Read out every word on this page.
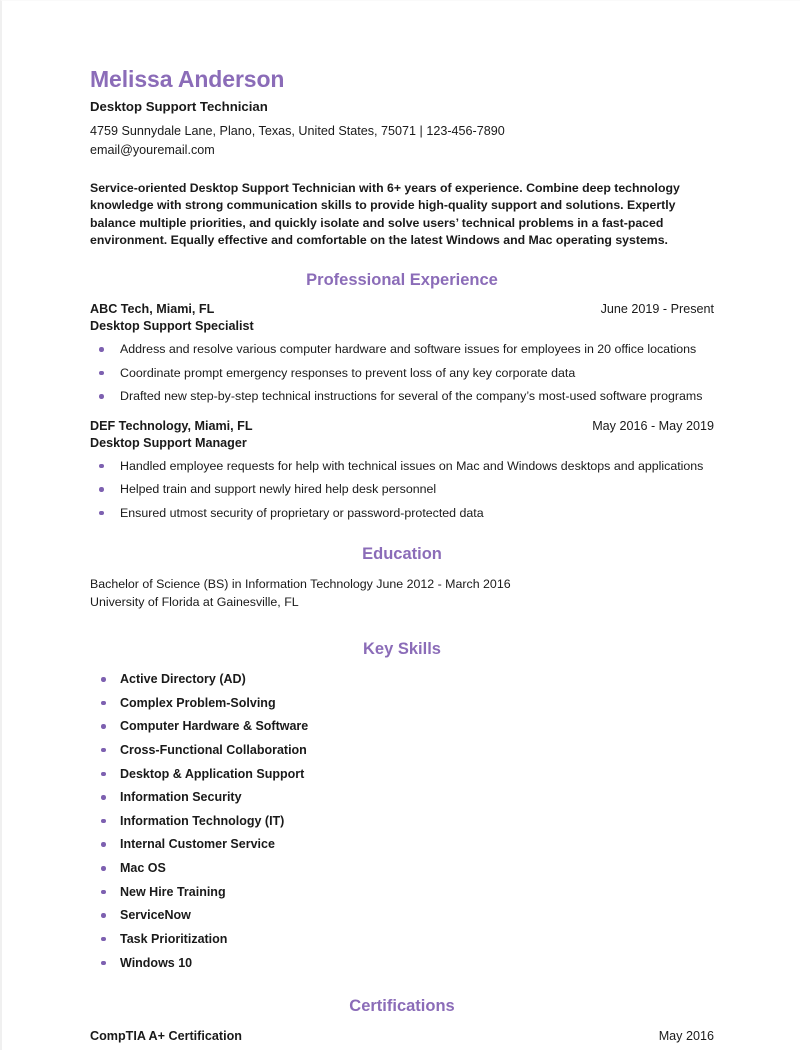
Melissa Anderson
Desktop Support Technician
4759 Sunnydale Lane, Plano, Texas, United States, 75071 | 123-456-7890
email@youremail.com

Service-oriented Desktop Support Technician with 6+ years of experience. Combine deep technology knowledge with strong communication skills to provide high-quality support and solutions. Expertly balance multiple priorities, and quickly isolate and solve users’ technical problems in a fast-paced environment. Equally effective and comfortable on the latest Windows and Mac operating systems.

Professional Experience
ABC Tech, Miami, FL	June 2019 - Present
Desktop Support Specialist
Address and resolve various computer hardware and software issues for employees in 20 office locations
Coordinate prompt emergency responses to prevent loss of any key corporate data
Drafted new step-by-step technical instructions for several of the company’s most-used software programs
DEF Technology, Miami, FL	May 2016 - May 2019
Desktop Support Manager
Handled employee requests for help with technical issues on Mac and Windows desktops and applications
Helped train and support newly hired help desk personnel
Ensured utmost security of proprietary or password-protected data
Education
Bachelor of Science (BS) in Information Technology June 2012 - March 2016
University of Florida at Gainesville, FL
Key Skills
Active Directory (AD)
Complex Problem-Solving
Computer Hardware & Software
Cross-Functional Collaboration
Desktop & Application Support
Information Security
Information Technology (IT)
Internal Customer Service
Mac OS
New Hire Training
ServiceNow
Task Prioritization
Windows 10
Certifications
CompTIA A+ Certification	May 2016
